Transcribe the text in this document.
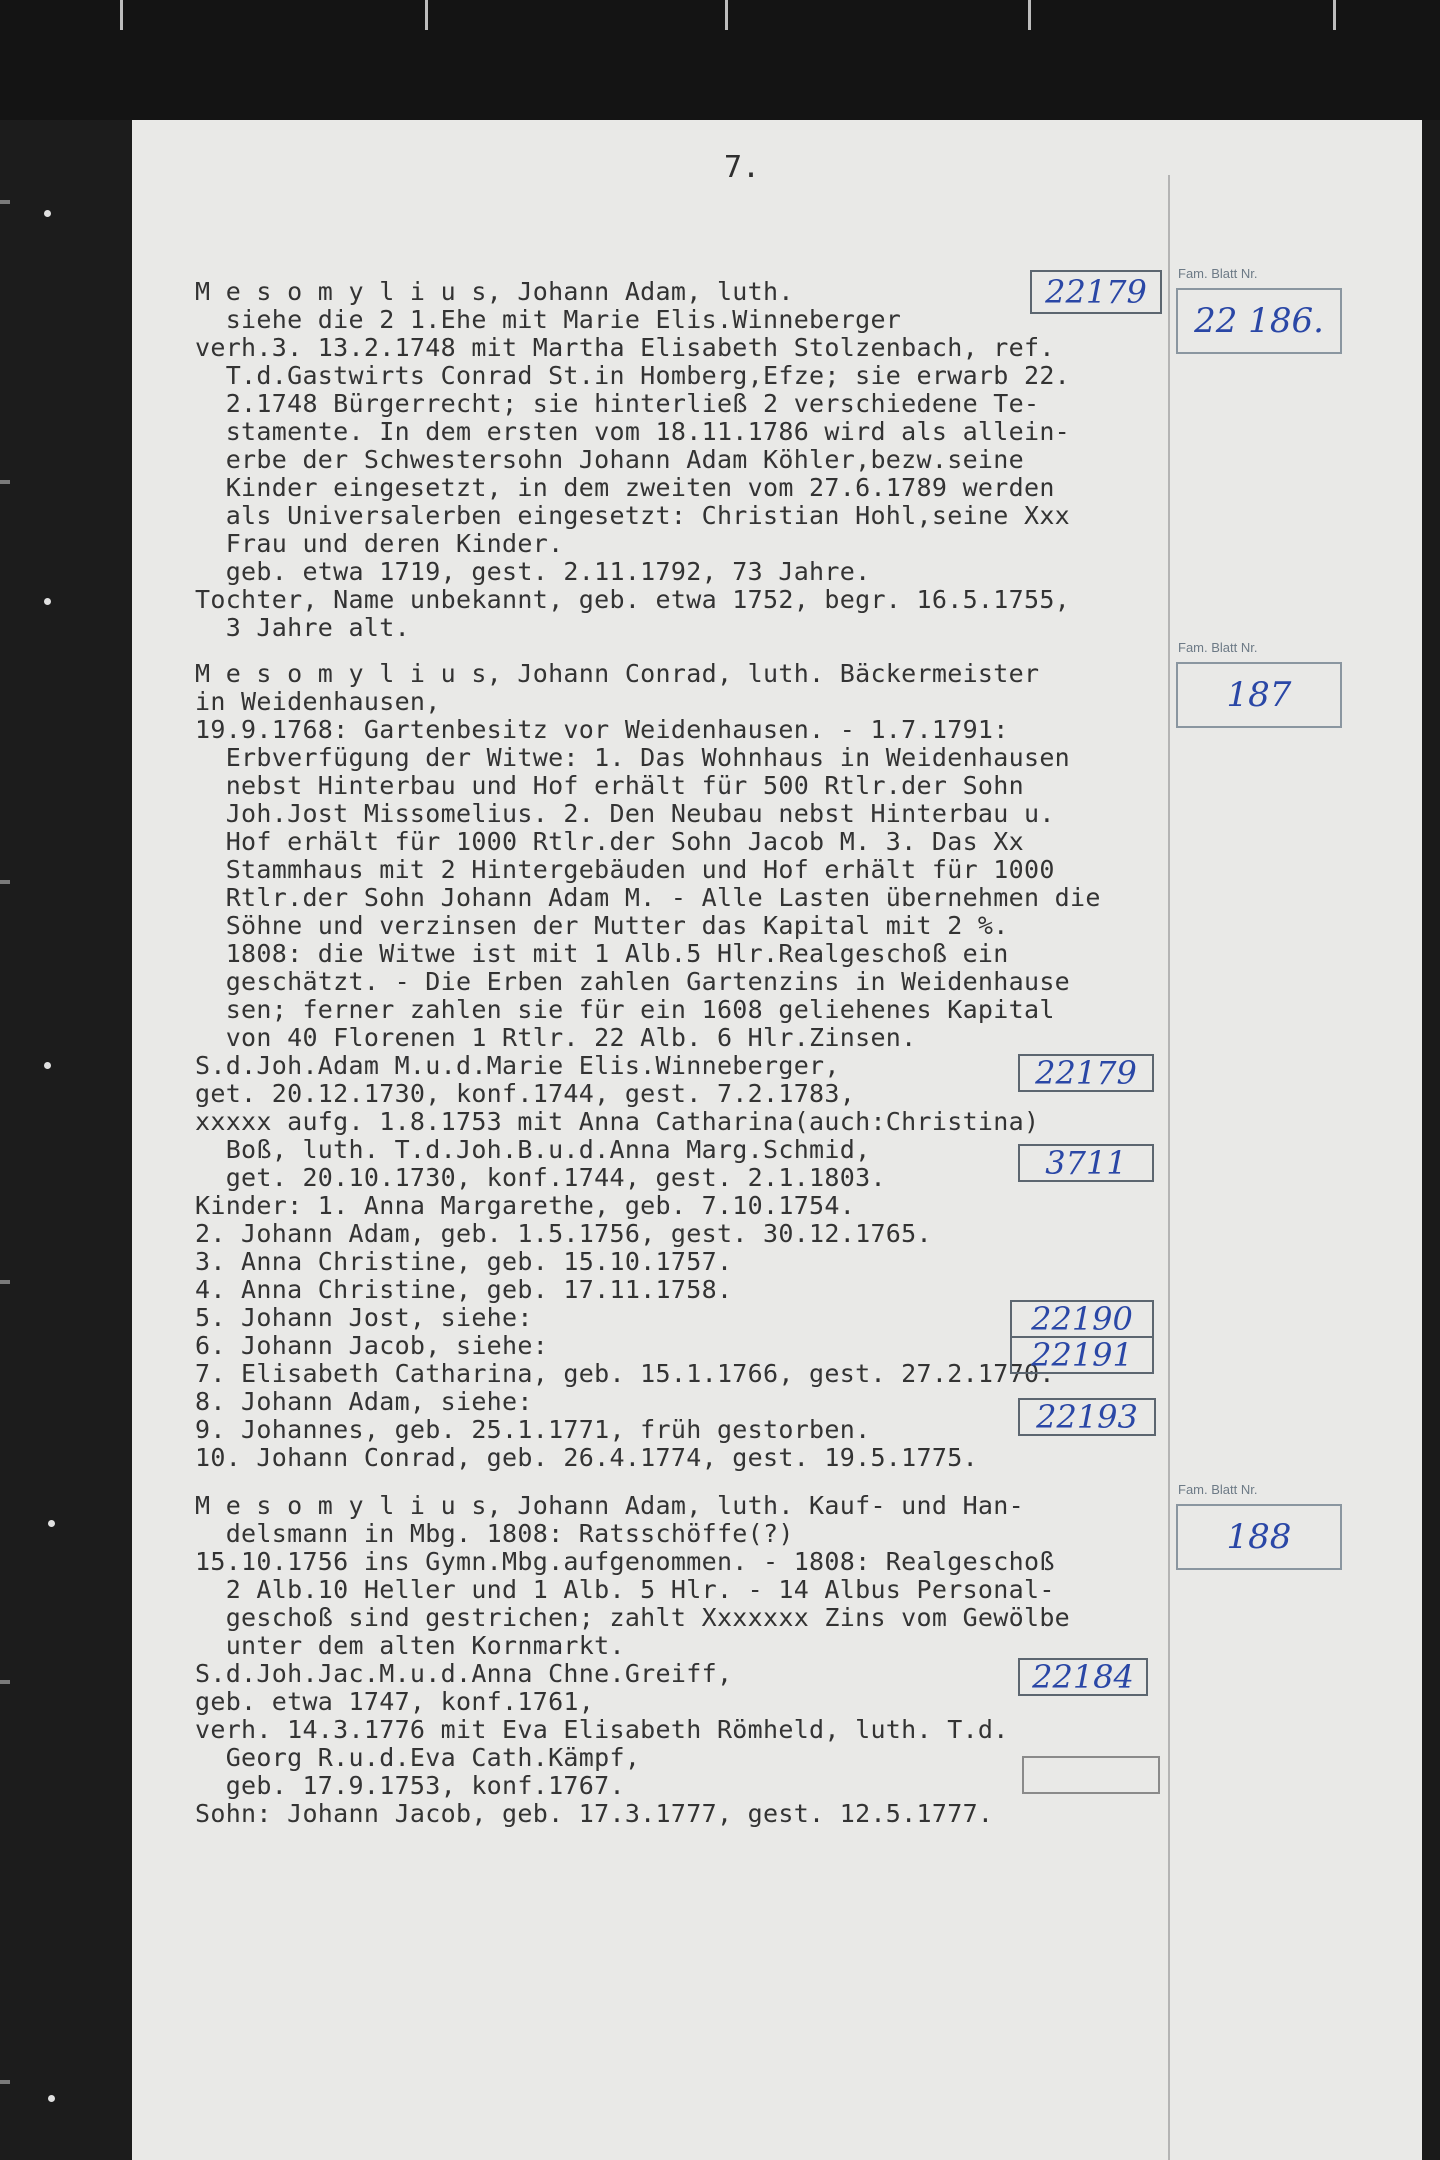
7.
M e s o m y l i u s, Johann Adam, luth.
siehe die 2 1.Ehe mit Marie Elis.Winneberger
verh.3. 13.2.1748 mit Martha Elisabeth Stolzenbach, ref.
T.d.Gastwirts Conrad St.in Homberg,Efze; sie erwarb 22.
2.1748 Bürgerrecht; sie hinterließ 2 verschiedene Te-
stamente. In dem ersten vom 18.11.1786 wird als allein-
erbe der Schwestersohn Johann Adam Köhler,bezw.seine
Kinder eingesetzt, in dem zweiten vom 27.6.1789 werden
als Universalerben eingesetzt: Christian Hohl,seine Xxx
Frau und deren Kinder.
geb. etwa 1719, gest. 2.11.1792, 73 Jahre.
Tochter, Name unbekannt, geb. etwa 1752, begr. 16.5.1755,
3 Jahre alt.
M e s o m y l i u s, Johann Conrad, luth. Bäckermeister
in Weidenhausen,
19.9.1768: Gartenbesitz vor Weidenhausen. - 1.7.1791:
Erbverfügung der Witwe: 1. Das Wohnhaus in Weidenhausen
nebst Hinterbau und Hof erhält für 500 Rtlr.der Sohn
Joh.Jost Missomelius. 2. Den Neubau nebst Hinterbau u.
Hof erhält für 1000 Rtlr.der Sohn Jacob M. 3. Das Xx
Stammhaus mit 2 Hintergebäuden und Hof erhält für 1000
Rtlr.der Sohn Johann Adam M. - Alle Lasten übernehmen die
Söhne und verzinsen der Mutter das Kapital mit 2 %.
1808: die Witwe ist mit 1 Alb.5 Hlr.Realgeschoß ein
geschätzt. - Die Erben zahlen Gartenzins in Weidenhause
sen; ferner zahlen sie für ein 1608 geliehenes Kapital
von 40 Florenen 1 Rtlr. 22 Alb. 6 Hlr.Zinsen.
S.d.Joh.Adam M.u.d.Marie Elis.Winneberger,
get. 20.12.1730, konf.1744, gest. 7.2.1783,
xxxxx aufg. 1.8.1753 mit Anna Catharina(auch:Christina)
Boß, luth. T.d.Joh.B.u.d.Anna Marg.Schmid,
get. 20.10.1730, konf.1744, gest. 2.1.1803.
Kinder: 1. Anna Margarethe, geb. 7.10.1754.
2. Johann Adam, geb. 1.5.1756, gest. 30.12.1765.
3. Anna Christine, geb. 15.10.1757.
4. Anna Christine, geb. 17.11.1758.
5. Johann Jost, siehe:
6. Johann Jacob, siehe:
7. Elisabeth Catharina, geb. 15.1.1766, gest. 27.2.1770.
8. Johann Adam, siehe:
9. Johannes, geb. 25.1.1771, früh gestorben.
10. Johann Conrad, geb. 26.4.1774, gest. 19.5.1775.
M e s o m y l i u s, Johann Adam, luth. Kauf- und Han-
delsmann in Mbg. 1808: Ratsschöffe(?)
15.10.1756 ins Gymn.Mbg.aufgenommen. - 1808: Realgeschoß
2 Alb.10 Heller und 1 Alb. 5 Hlr. - 14 Albus Personal-
geschoß sind gestrichen; zahlt Xxxxxxx Zins vom Gewölbe
unter dem alten Kornmarkt.
S.d.Joh.Jac.M.u.d.Anna Chne.Greiff,
geb. etwa 1747, konf.1761,
verh. 14.3.1776 mit Eva Elisabeth Römheld, luth. T.d.
Georg R.u.d.Eva Cath.Kämpf,
geb. 17.9.1753, konf.1767.
Sohn: Johann Jacob, geb. 17.3.1777, gest. 12.5.1777.
22179
22179
3711
22190
22191
22193
22184
Fam. Blatt Nr.
22 186.
Fam. Blatt Nr.
187
Fam. Blatt Nr.
188
